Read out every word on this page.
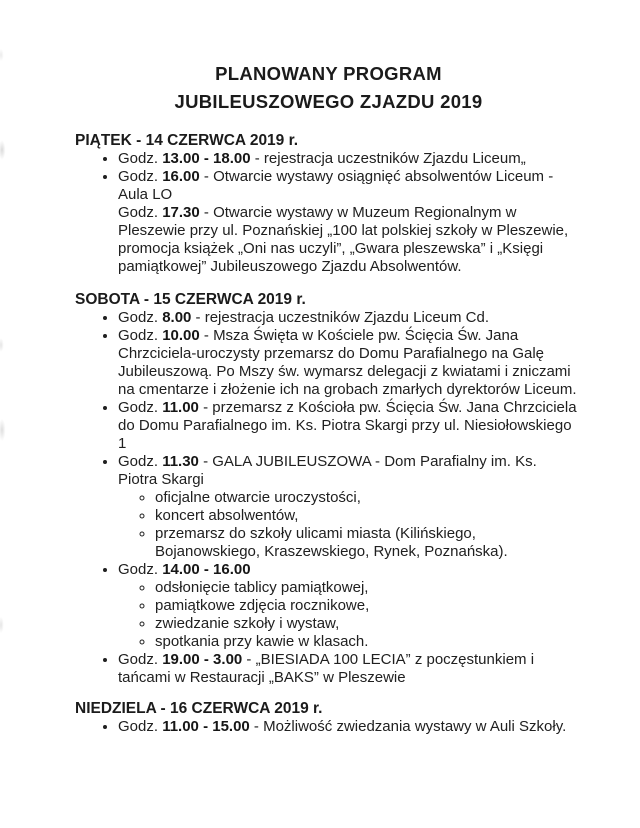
PLANOWANY PROGRAM
JUBILEUSZOWEGO ZJAZDU 2019
PIĄTEK - 14 CZERWCA 2019 r.
• Godz. 13.00 - 18.00 - rejestracja uczestników Zjazdu Liceum„
• Godz. 16.00 - Otwarcie wystawy osiągnięć absolwentów Liceum - Aula LO
Godz. 17.30 - Otwarcie wystawy w Muzeum Regionalnym w Pleszewie przy ul. Poznańskiej „100 lat polskiej szkoły w Pleszewie, promocja książek „Oni nas uczyli”, „Gwara pleszewska” i „Księgi pamiątkowej” Jubileuszowego Zjazdu Absolwentów.
SOBOTA - 15 CZERWCA 2019 r.
• Godz. 8.00 - rejestracja uczestników Zjazdu Liceum Cd.
• Godz. 10.00 - Msza Święta w Kościele pw. Ścięcia Św. Jana Chrzciciela-uroczysty przemarsz do Domu Parafialnego na Galę Jubileuszową. Po Mszy św. wymarsz delegacji z kwiatami i zniczami na cmentarze i złożenie ich na grobach zmarłych dyrektorów Liceum.
• Godz. 11.00 - przemarsz z Kościoła pw. Ścięcia Św. Jana Chrzciciela do Domu Parafialnego im. Ks. Piotra Skargi przy ul. Niesiołowskiego 1
• Godz. 11.30 - GALA JUBILEUSZOWA - Dom Parafialny im. Ks. Piotra Skargi
◦ oficjalne otwarcie uroczystości,
◦ koncert absolwentów,
◦ przemarsz do szkoły ulicami miasta (Kilińskiego, Bojanowskiego, Kraszewskiego, Rynek, Poznańska).
• Godz. 14.00 - 16.00
◦ odsłonięcie tablicy pamiątkowej,
◦ pamiątkowe zdjęcia rocznikowe,
◦ zwiedzanie szkoły i wystaw,
◦ spotkania przy kawie w klasach.
• Godz. 19.00 - 3.00 - „BIESIADA 100 LECIA” z poczęstunkiem i tańcami w Restauracji „BAKS” w Pleszewie
NIEDZIELA - 16 CZERWCA 2019 r.
• Godz. 11.00 - 15.00 - Możliwość zwiedzania wystawy w Auli Szkoły.
